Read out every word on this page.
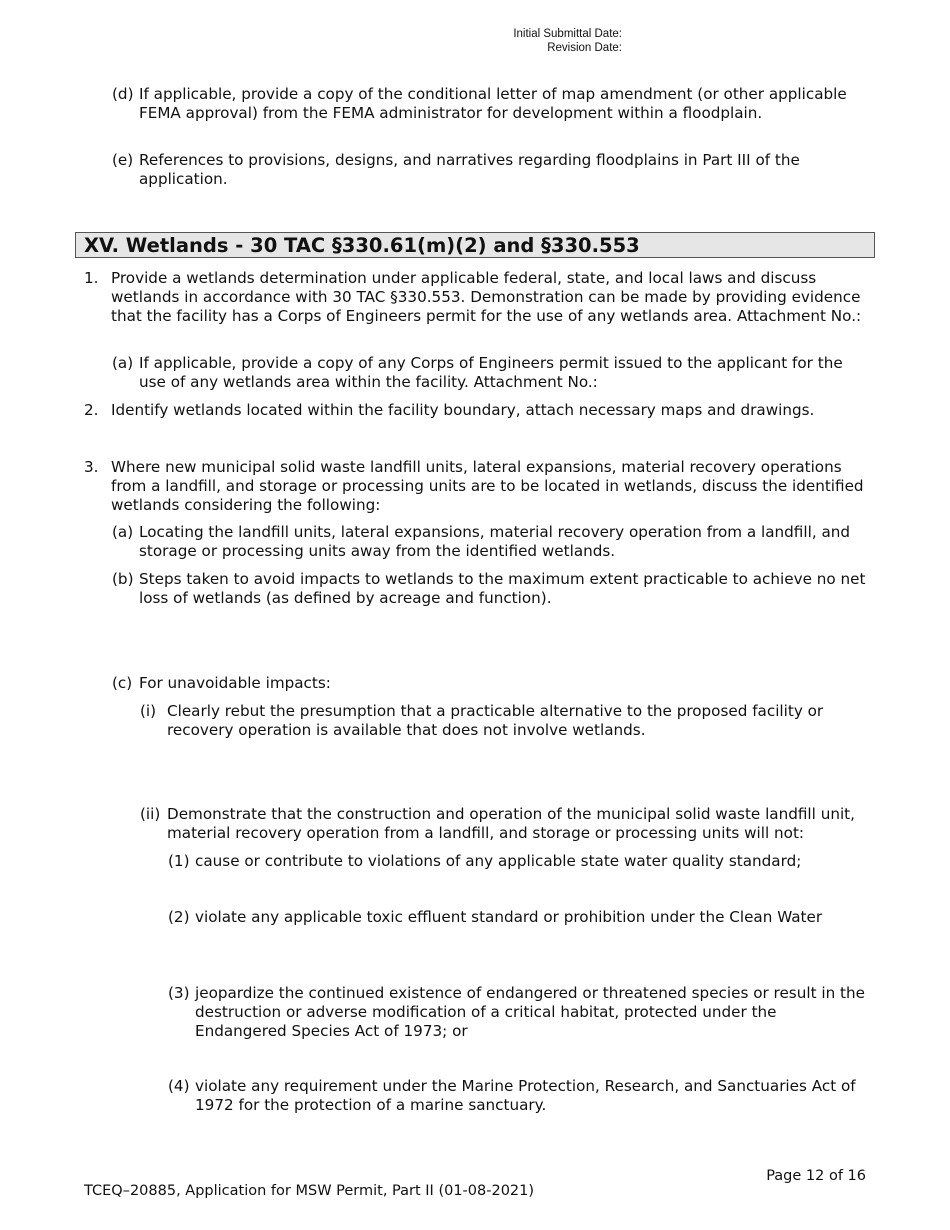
Initial Submittal Date:
Revision Date:
(d) If applicable, provide a copy of the conditional letter of map amendment (or other applicable FEMA approval) from the FEMA administrator for development within a floodplain.
(e) References to provisions, designs, and narratives regarding floodplains in Part III of the application.
XV. Wetlands - 30 TAC §330.61(m)(2) and §330.553
1. Provide a wetlands determination under applicable federal, state, and local laws and discuss wetlands in accordance with 30 TAC §330.553. Demonstration can be made by providing evidence that the facility has a Corps of Engineers permit for the use of any wetlands area. Attachment No.:
(a) If applicable, provide a copy of any Corps of Engineers permit issued to the applicant for the use of any wetlands area within the facility. Attachment No.:
2. Identify wetlands located within the facility boundary, attach necessary maps and drawings.
3. Where new municipal solid waste landfill units, lateral expansions, material recovery operations from a landfill, and storage or processing units are to be located in wetlands, discuss the identified wetlands considering the following:
(a) Locating the landfill units, lateral expansions, material recovery operation from a landfill, and storage or processing units away from the identified wetlands.
(b) Steps taken to avoid impacts to wetlands to the maximum extent practicable to achieve no net loss of wetlands (as defined by acreage and function).
(c) For unavoidable impacts:
(i) Clearly rebut the presumption that a practicable alternative to the proposed facility or recovery operation is available that does not involve wetlands.
(ii) Demonstrate that the construction and operation of the municipal solid waste landfill unit, material recovery operation from a landfill, and storage or processing units will not:
(1) cause or contribute to violations of any applicable state water quality standard;
(2) violate any applicable toxic effluent standard or prohibition under the Clean Water
(3) jeopardize the continued existence of endangered or threatened species or result in the destruction or adverse modification of a critical habitat, protected under the Endangered Species Act of 1973; or
(4) violate any requirement under the Marine Protection, Research, and Sanctuaries Act of 1972 for the protection of a marine sanctuary.
Page 12 of 16
TCEQ–20885, Application for MSW Permit, Part II (01-08-2021)
